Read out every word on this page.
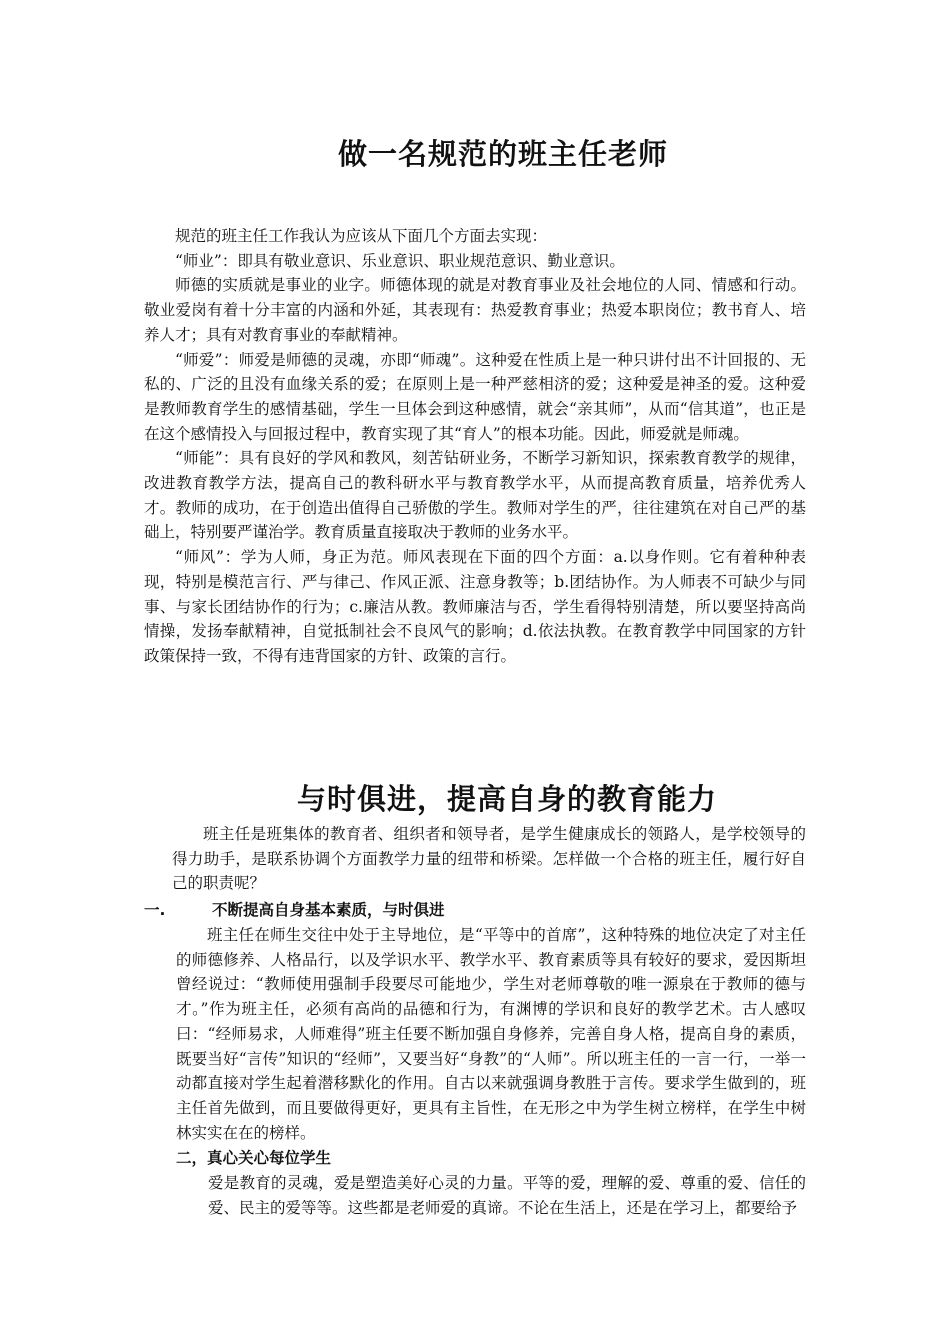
做一名规范的班主任老师

规范的班主任工作我认为应该从下面几个方面去实现：

“师业”：即具有敬业意识、乐业意识、职业规范意识、勤业意识。

师德的实质就是事业的业字。师德体现的就是对教育事业及社会地位的人同、情感和行动。敬业爱岗有着十分丰富的内涵和外延，其表现有：热爱教育事业；热爱本职岗位；教书育人、培养人才；具有对教育事业的奉献精神。

“师爱”：师爱是师德的灵魂，亦即“师魂”。这种爱在性质上是一种只讲付出不计回报的、无私的、广泛的且没有血缘关系的爱；在原则上是一种严慈相济的爱；这种爱是神圣的爱。这种爱是教师教育学生的感情基础，学生一旦体会到这种感情，就会“亲其师”，从而“信其道”，也正是在这个感情投入与回报过程中，教育实现了其“育人”的根本功能。因此，师爱就是师魂。

“师能”：具有良好的学风和教风，刻苦钻研业务，不断学习新知识，探索教育教学的规律，改进教育教学方法，提高自己的教科研水平与教育教学水平，从而提高教育质量，培养优秀人才。教师的成功，在于创造出值得自己骄傲的学生。教师对学生的严，往往建筑在对自己严的基础上，特别要严谨治学。教育质量直接取决于教师的业务水平。

“师风”：学为人师，身正为范。师风表现在下面的四个方面：a.以身作则。它有着种种表现，特别是模范言行、严与律己、作风正派、注意身教等；b.团结协作。为人师表不可缺少与同事、与家长团结协作的行为；c.廉洁从教。教师廉洁与否，学生看得特别清楚，所以要坚持高尚情操，发扬奉献精神，自觉抵制社会不良风气的影响；d.依法执教。在教育教学中同国家的方针政策保持一致，不得有违背国家的方针、政策的言行。

与时俱进，提高自身的教育能力

班主任是班集体的教育者、组织者和领导者，是学生健康成长的领路人，是学校领导的得力助手，是联系协调个方面教学力量的纽带和桥梁。怎样做一个合格的班主任，履行好自己的职责呢？

一.	不断提高自身基本素质，与时俱进

班主任在师生交往中处于主导地位，是“平等中的首席”，这种特殊的地位决定了对主任的师德修养、人格品行，以及学识水平、教学水平、教育素质等具有较好的要求，爱因斯坦曾经说过：“教师使用强制手段要尽可能地少，学生对老师尊敬的唯一源泉在于教师的德与才。”作为班主任，必须有高尚的品德和行为，有渊博的学识和良好的教学艺术。古人感叹曰：“经师易求，人师难得”班主任要不断加强自身修养，完善自身人格，提高自身的素质，既要当好“言传”知识的“经师”，又要当好“身教”的“人师”。所以班主任的一言一行，一举一动都直接对学生起着潜移默化的作用。自古以来就强调身教胜于言传。要求学生做到的，班主任首先做到，而且要做得更好，更具有主旨性，在无形之中为学生树立榜样，在学生中树林实实在在的榜样。

二，真心关心每位学生

爱是教育的灵魂，爱是塑造美好心灵的力量。平等的爱，理解的爱、尊重的爱、信任的爱、民主的爱等等。这些都是老师爱的真谛。不论在生活上，还是在学习上，都要给予
